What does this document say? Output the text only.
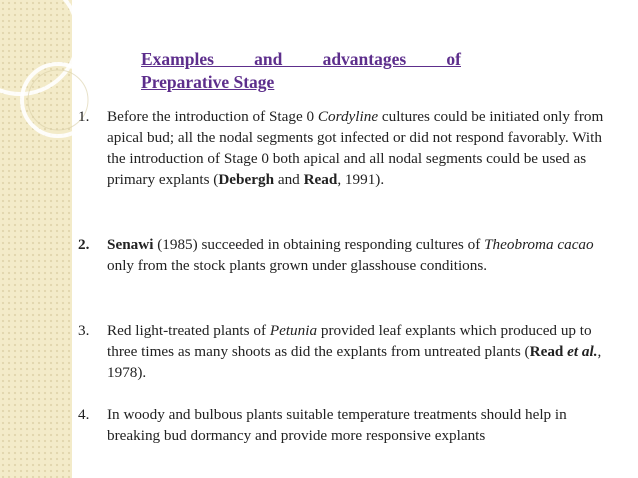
Examples and advantages of
Preparative Stage
1. Before the introduction of Stage 0 Cordyline cultures could be initiated only from apical bud; all the nodal segments got infected or did not respond favorably. With the introduction of Stage 0 both apical and all nodal segments could be used as primary explants (Debergh and Read, 1991).
2. Senawi (1985) succeeded in obtaining responding cultures of Theobroma cacao only from the stock plants grown under glasshouse conditions.
3. Red light-treated plants of Petunia provided leaf explants which produced up to three times as many shoots as did the explants from untreated plants (Read et al., 1978).
4. In woody and bulbous plants suitable temperature treatments should help in breaking bud dormancy and provide more responsive explants
